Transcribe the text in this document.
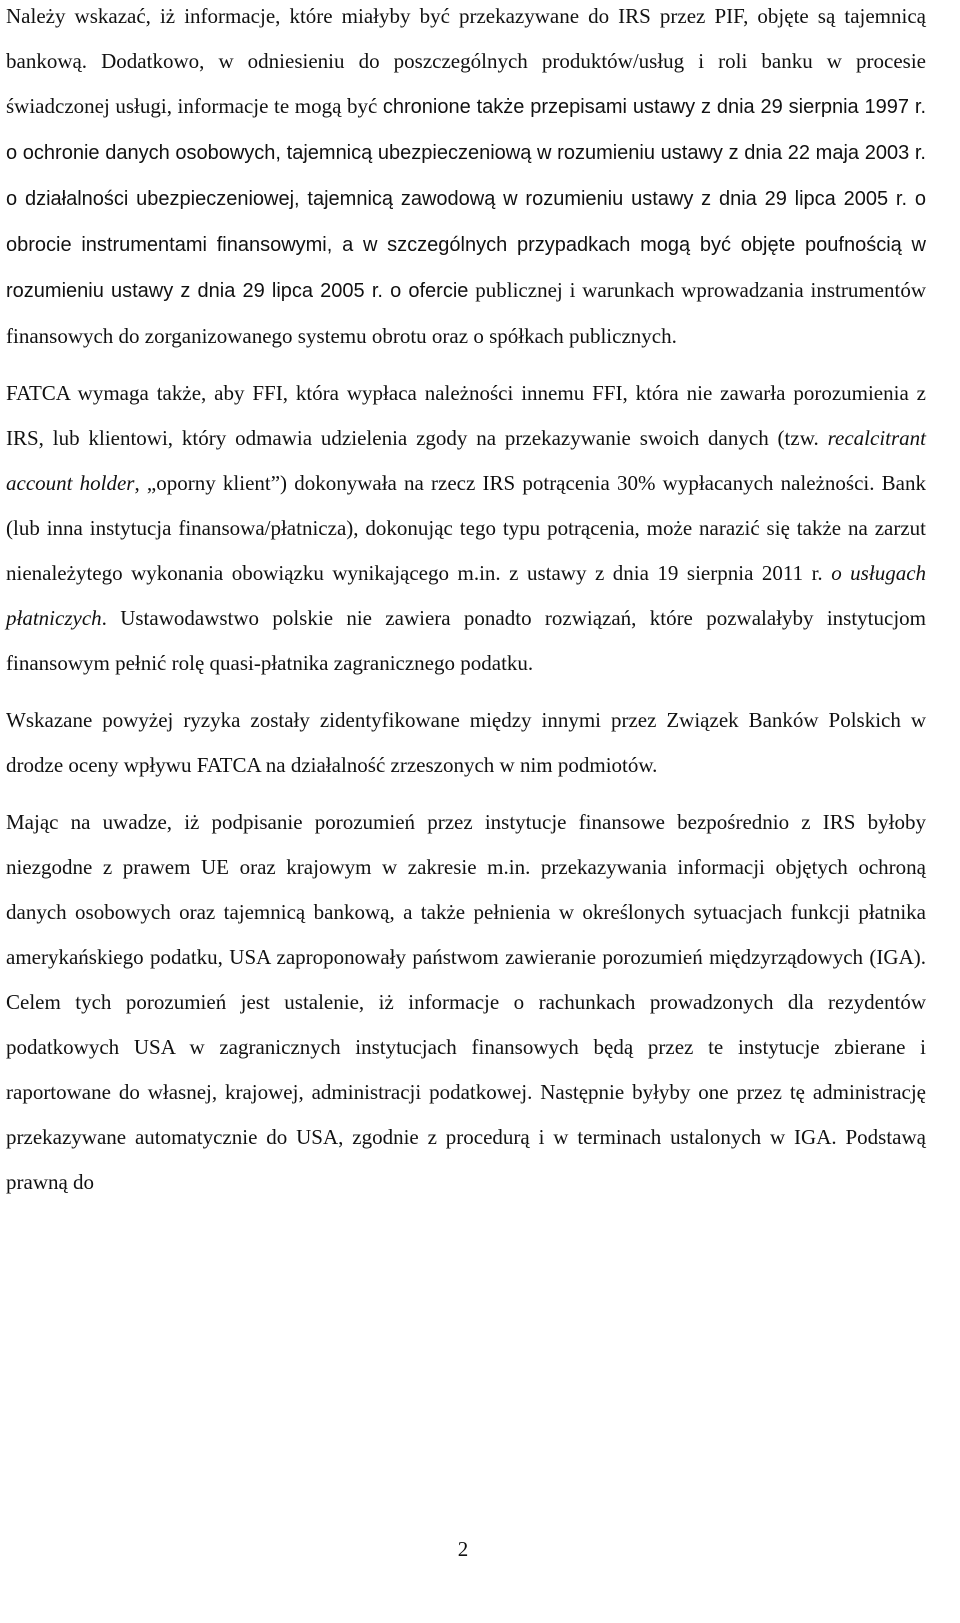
Należy wskazać, iż informacje, które miałyby być przekazywane do IRS przez PIF, objęte są tajemnicą bankową. Dodatkowo, w odniesieniu do poszczególnych produktów/usług i roli banku w procesie świadczonej usługi, informacje te mogą być chronione także przepisami ustawy z dnia 29 sierpnia 1997 r. o ochronie danych osobowych, tajemnicą ubezpieczeniową w rozumieniu ustawy z dnia 22 maja 2003 r. o działalności ubezpieczeniowej, tajemnicą zawodową w rozumieniu ustawy z dnia 29 lipca 2005 r. o obrocie instrumentami finansowymi, a w szczególnych przypadkach mogą być objęte poufnością w rozumieniu ustawy z dnia 29 lipca 2005 r. o ofercie publicznej i warunkach wprowadzania instrumentów finansowych do zorganizowanego systemu obrotu oraz o spółkach publicznych.

FATCA wymaga także, aby FFI, która wypłaca należności innemu FFI, która nie zawarła porozumienia z IRS, lub klientowi, który odmawia udzielenia zgody na przekazywanie swoich danych (tzw. recalcitrant account holder, „oporny klient”) dokonywała na rzecz IRS potrącenia 30% wypłacanych należności. Bank (lub inna instytucja finansowa/płatnicza), dokonując tego typu potrącenia, może narazić się także na zarzut nienależytego wykonania obowiązku wynikającego m.in. z ustawy z dnia 19 sierpnia 2011 r. o usługach płatniczych. Ustawodawstwo polskie nie zawiera ponadto rozwiązań, które pozwalałyby instytucjom finansowym pełnić rolę quasi-płatnika zagranicznego podatku.

Wskazane powyżej ryzyka zostały zidentyfikowane między innymi przez Związek Banków Polskich w drodze oceny wpływu FATCA na działalność zrzeszonych w nim podmiotów.

Mając na uwadze, iż podpisanie porozumień przez instytucje finansowe bezpośrednio z IRS byłoby niezgodne z prawem UE oraz krajowym w zakresie m.in. przekazywania informacji objętych ochroną danych osobowych oraz tajemnicą bankową, a także pełnienia w określonych sytuacjach funkcji płatnika amerykańskiego podatku, USA zaproponowały państwom zawieranie porozumień międzyrządowych (IGA). Celem tych porozumień jest ustalenie, iż informacje o rachunkach prowadzonych dla rezydentów podatkowych USA w zagranicznych instytucjach finansowych będą przez te instytucje zbierane i raportowane do własnej, krajowej, administracji podatkowej. Następnie byłyby one przez tę administrację przekazywane automatycznie do USA, zgodnie z procedurą i w terminach ustalonych w IGA. Podstawą prawną do

2
